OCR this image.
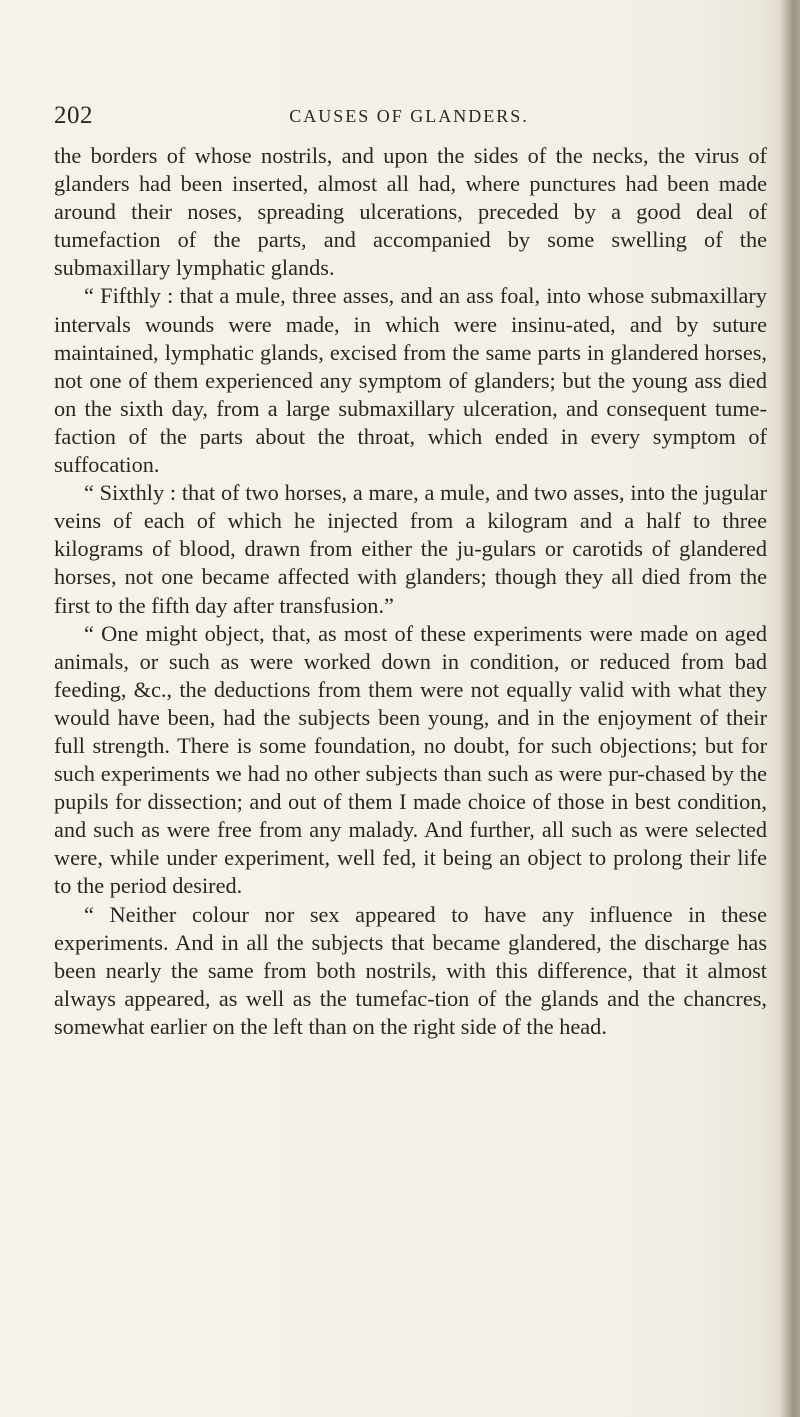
202	CAUSES OF GLANDERS.

the borders of whose nostrils, and upon the sides of the necks, the virus of glanders had been inserted, almost all had, where punctures had been made around their noses, spreading ulcerations, preceded by a good deal of tumefaction of the parts, and accompanied by some swelling of the submaxillary lymphatic glands.

“ Fifthly : that a mule, three asses, and an ass foal, into whose submaxillary intervals wounds were made, in which were insinu-ated, and by suture maintained, lymphatic glands, excised from the same parts in glandered horses, not one of them experienced any symptom of glanders; but the young ass died on the sixth day, from a large submaxillary ulceration, and consequent tume-faction of the parts about the throat, which ended in every symptom of suffocation.

“ Sixthly : that of two horses, a mare, a mule, and two asses, into the jugular veins of each of which he injected from a kilogram and a half to three kilograms of blood, drawn from either the ju-gulars or carotids of glandered horses, not one became affected with glanders; though they all died from the first to the fifth day after transfusion.”

“ One might object, that, as most of these experiments were made on aged animals, or such as were worked down in condition, or reduced from bad feeding, &c., the deductions from them were not equally valid with what they would have been, had the subjects been young, and in the enjoyment of their full strength. There is some foundation, no doubt, for such objections; but for such experiments we had no other subjects than such as were pur-chased by the pupils for dissection; and out of them I made choice of those in best condition, and such as were free from any malady. And further, all such as were selected were, while under experiment, well fed, it being an object to prolong their life to the period desired.

“ Neither colour nor sex appeared to have any influence in these experiments. And in all the subjects that became glandered, the discharge has been nearly the same from both nostrils, with this difference, that it almost always appeared, as well as the tumefac-tion of the glands and the chancres, somewhat earlier on the left than on the right side of the head.
